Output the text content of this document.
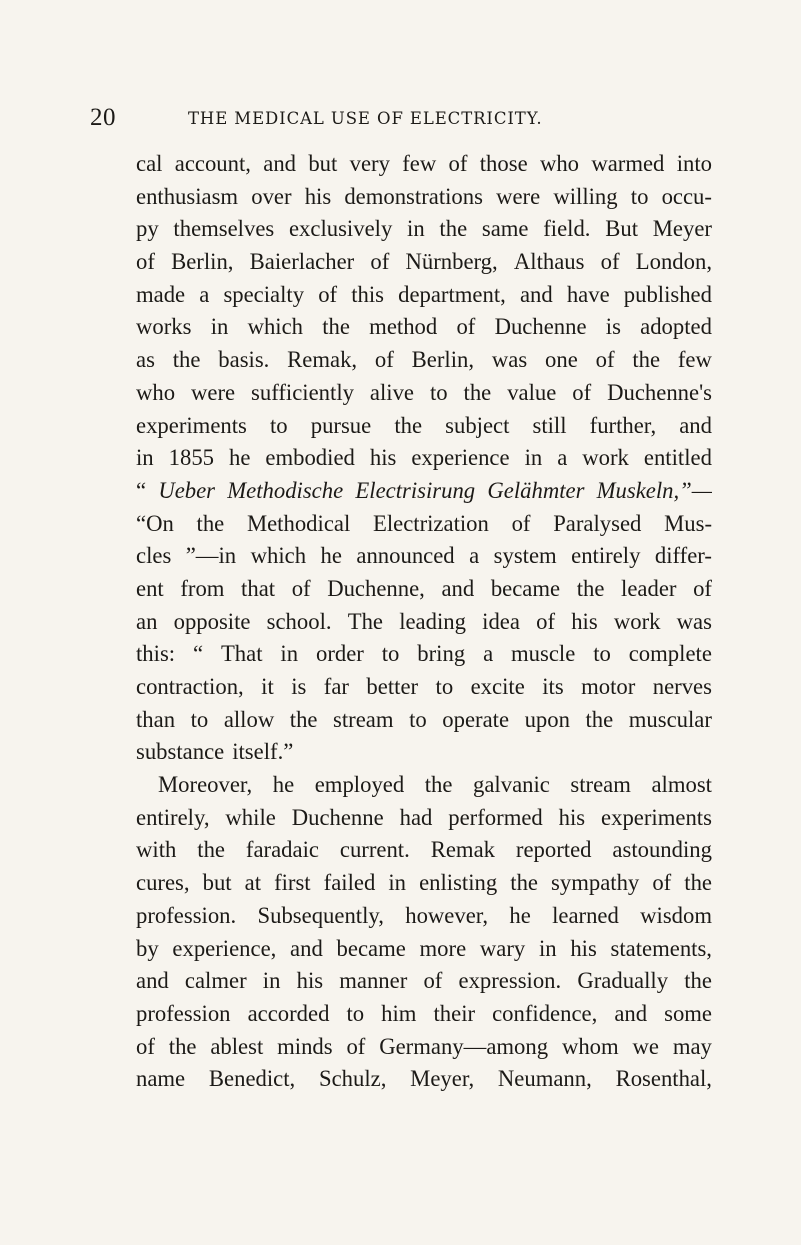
20	THE MEDICAL USE OF ELECTRICITY.
cal account, and but very few of those who warmed into
enthusiasm over his demonstrations were willing to occu-
py themselves exclusively in the same field. But Meyer
of Berlin, Baierlacher of Nürnberg, Althaus of London,
made a specialty of this department, and have published
works in which the method of Duchenne is adopted
as the basis. Remak, of Berlin, was one of the few
who were sufficiently alive to the value of Duchenne's
experiments to pursue the subject still further, and
in 1855 he embodied his experience in a work entitled
“ Ueber Methodische Electrisirung Gelähmter Muskeln,”—
“On the Methodical Electrization of Paralysed Mus-
cles ”—in which he announced a system entirely differ-
ent from that of Duchenne, and became the leader of
an opposite school. The leading idea of his work was
this: “ That in order to bring a muscle to complete
contraction, it is far better to excite its motor nerves
than to allow the stream to operate upon the muscular
substance itself.”
Moreover, he employed the galvanic stream almost
entirely, while Duchenne had performed his experiments
with the faradaic current. Remak reported astounding
cures, but at first failed in enlisting the sympathy of the
profession. Subsequently, however, he learned wisdom
by experience, and became more wary in his statements,
and calmer in his manner of expression. Gradually the
profession accorded to him their confidence, and some
of the ablest minds of Germany—among whom we may
name Benedict, Schulz, Meyer, Neumann, Rosenthal,
